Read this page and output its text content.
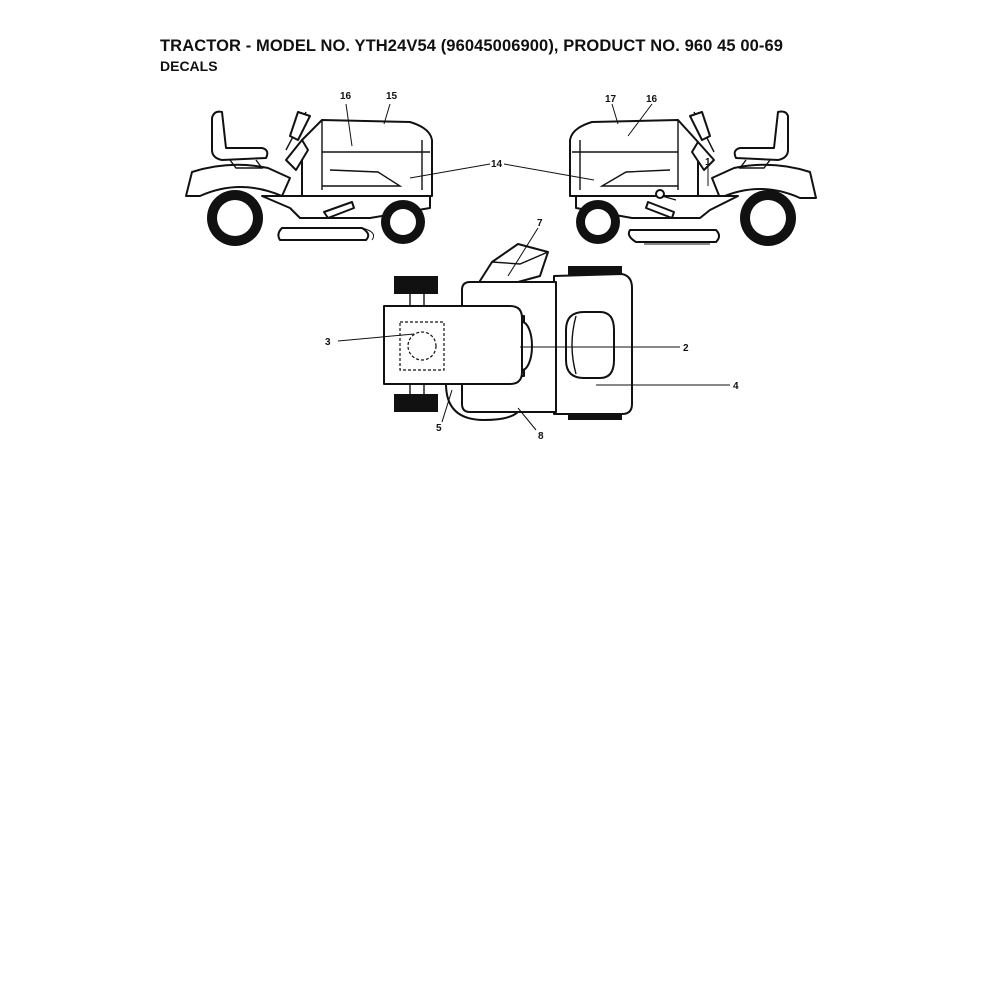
TRACTOR - MODEL NO. YTH24V54 (96045006900), PRODUCT NO. 960 45 00-69
DECALS
16	15
14
17	16
1
7
3
2
4
5
8
